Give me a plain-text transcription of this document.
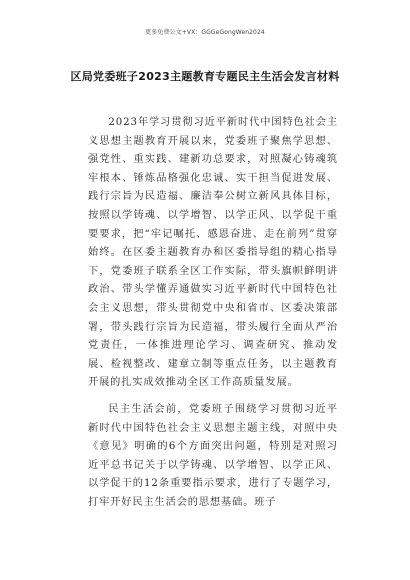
更多免费公文+VX：GGGeGongWen2024
区局党委班子2023主题教育专题民主生活会发言材料

2023年学习贯彻习近平新时代中国特色社会主义思想主题教育开展以来，党委班子聚焦学思想、强党性、重实践、建新功总要求，对照凝心铸魂筑牢根本、锤炼品格强化忠诚、实干担当促进发展、践行宗旨为民造福、廉洁奉公树立新风具体目标，按照以学铸魂、以学增智、以学正风、以学促干重要要求，把“牢记嘱托、感恩奋进、走在前列”贯穿始终。在区委主题教育办和区委指导组的精心指导下，党委班子联系全区工作实际，带头旗帜鲜明讲政治、带头学懂弄通做实习近平新时代中国特色社会主义思想，带头贯彻党中央和省市、区委决策部署，带头践行宗旨为民造福，带头履行全面从严治党责任，一体推进理论学习、调查研究、推动发展、检视整改、建章立制等重点任务，以主题教育开展的扎实成效推动全区工作高质量发展。

民主生活会前，党委班子围绕学习贯彻习近平新时代中国特色社会主义思想主题主线，对照中央《意见》明确的6个方面突出问题，特别是对照习近平总书记关于以学铸魂、以学增智、以学正风、以学促干的12条重要指示要求，进行了专题学习，打牢开好民主生活会的思想基础。班子
